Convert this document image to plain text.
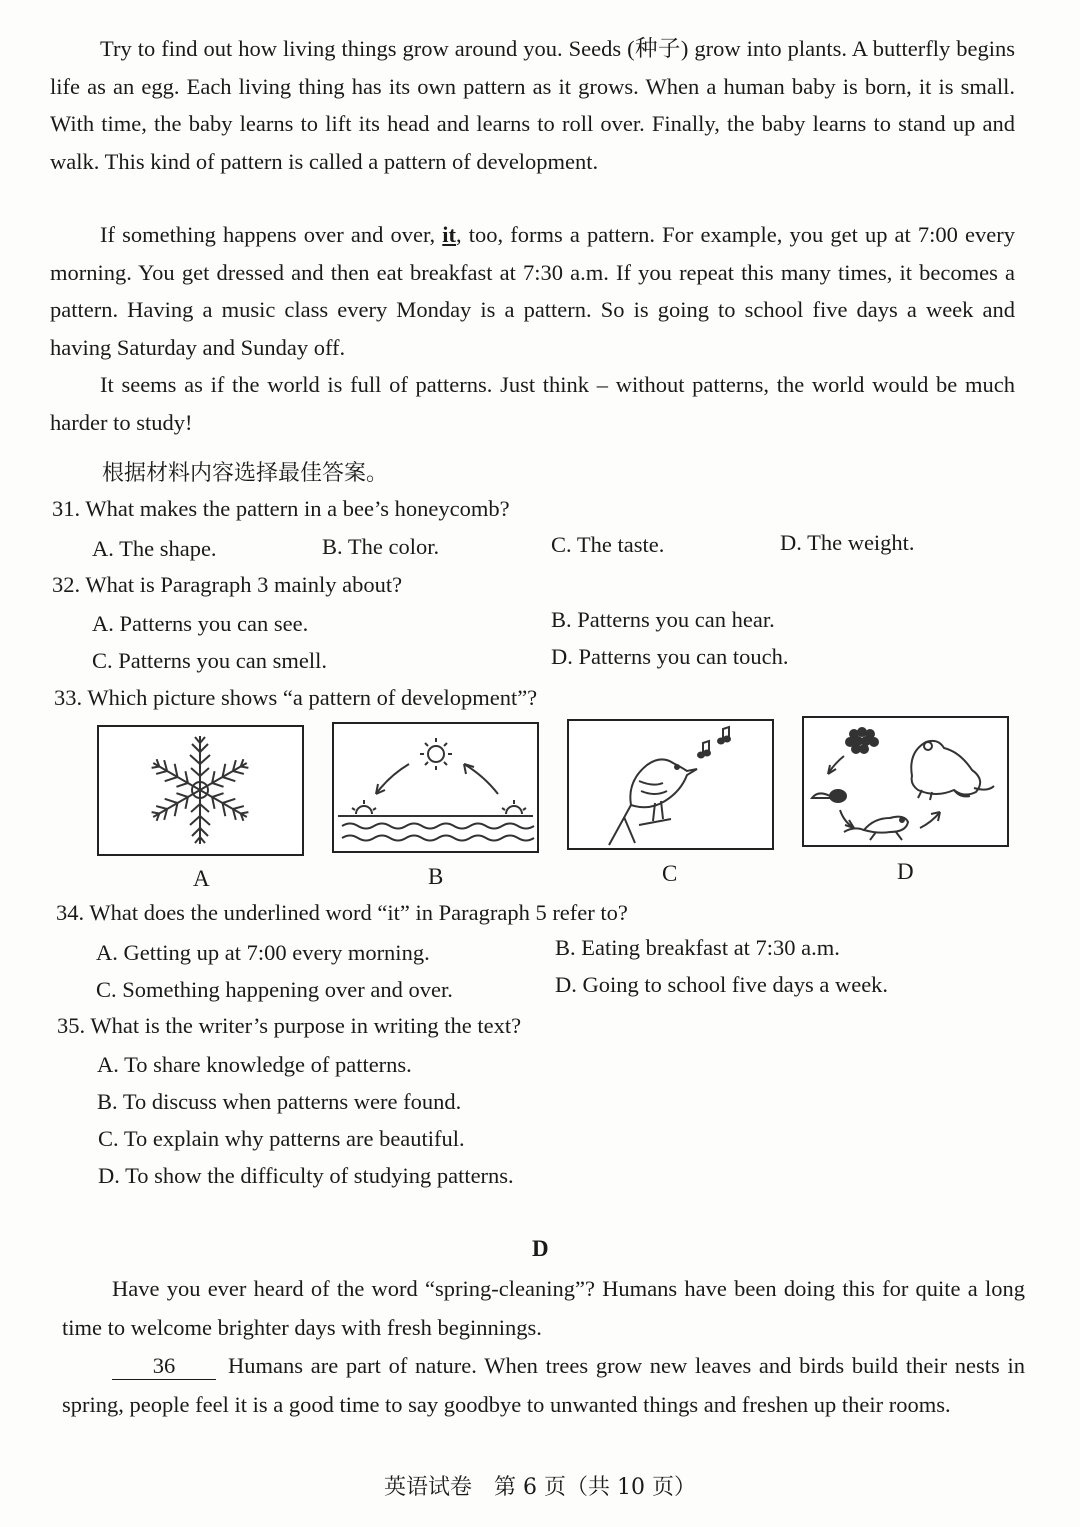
Try to find out how living things grow around you. Seeds (种子) grow into plants. A butterfly begins life as an egg. Each living thing has its own pattern as it grows. When a human baby is born, it is small. With time, the baby learns to lift its head and learns to roll over. Finally, the baby learns to stand up and walk. This kind of pattern is called a pattern of development.

If something happens over and over, it, too, forms a pattern. For example, you get up at 7:00 every morning. You get dressed and then eat breakfast at 7:30 a.m. If you repeat this many times, it becomes a pattern. Having a music class every Monday is a pattern. So is going to school five days a week and having Saturday and Sunday off.

It seems as if the world is full of patterns. Just think – without patterns, the world would be much harder to study!

根据材料内容选择最佳答案。
31. What makes the pattern in a bee’s honeycomb?
A. The shape.	B. The color.	C. The taste.	D. The weight.
32. What is Paragraph 3 mainly about?
A. Patterns you can see.	B. Patterns you can hear.
C. Patterns you can smell.	D. Patterns you can touch.
33. Which picture shows “a pattern of development”?
A	B	C	D
34. What does the underlined word “it” in Paragraph 5 refer to?
A. Getting up at 7:00 every morning.	B. Eating breakfast at 7:30 a.m.
C. Something happening over and over.	D. Going to school five days a week.
35. What is the writer’s purpose in writing the text?
A. To share knowledge of patterns.
B. To discuss when patterns were found.
C. To explain why patterns are beautiful.
D. To show the difficulty of studying patterns.
D

Have you ever heard of the word “spring-cleaning”? Humans have been doing this for quite a long time to welcome brighter days with fresh beginnings.

36 Humans are part of nature. When trees grow new leaves and birds build their nests in spring, people feel it is a good time to say goodbye to unwanted things and freshen up their rooms.

英语试卷　第 6 页（共 10 页）
